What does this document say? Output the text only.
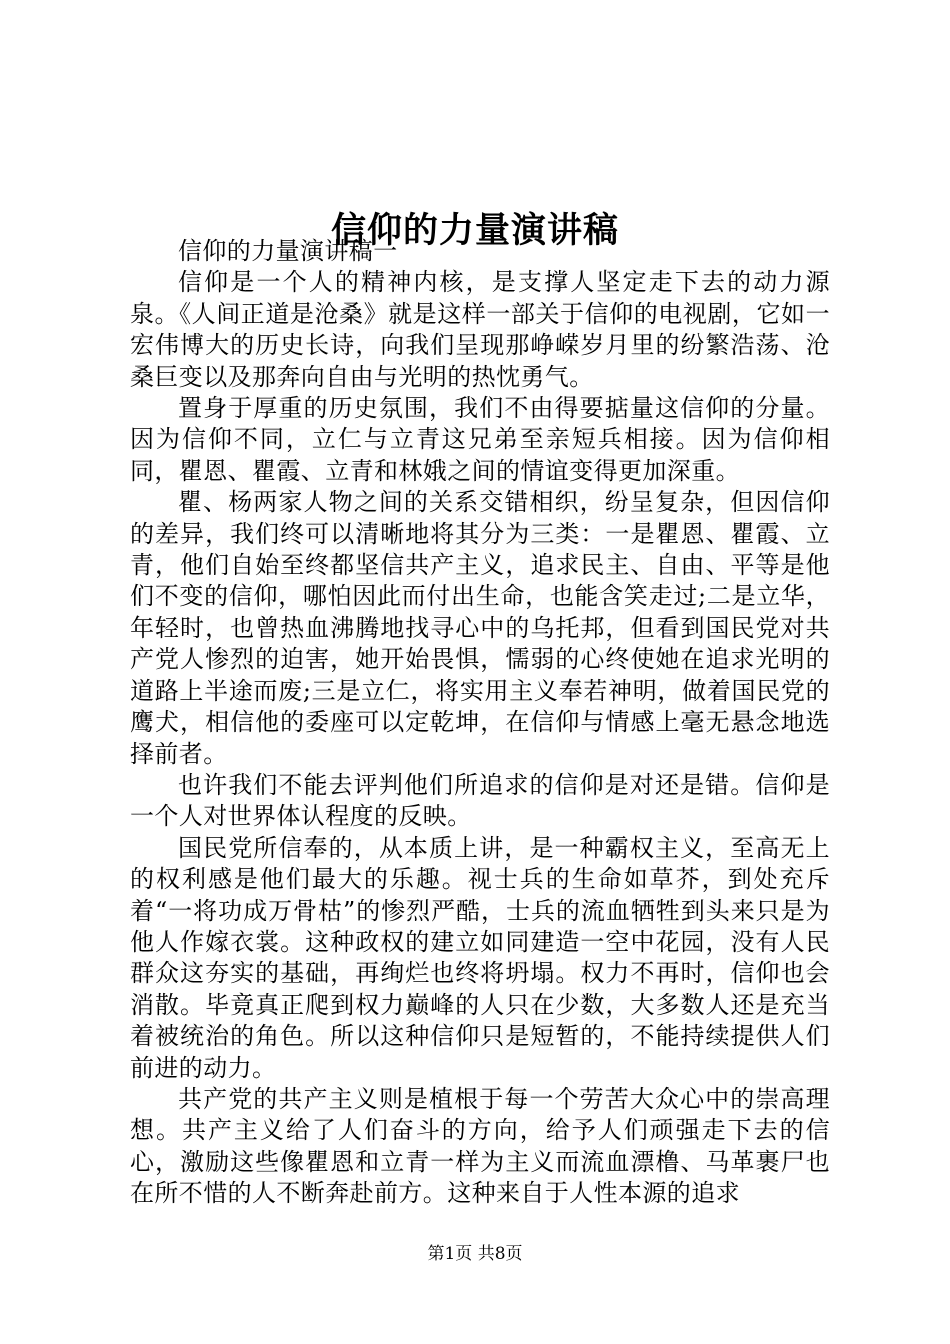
信仰的力量演讲稿

信仰的力量演讲稿一

信仰是一个人的精神内核，是支撑人坚定走下去的动力源泉。《人间正道是沧桑》就是这样一部关于信仰的电视剧，它如一宏伟博大的历史长诗，向我们呈现那峥嵘岁月里的纷繁浩荡、沧桑巨变以及那奔向自由与光明的热忱勇气。

置身于厚重的历史氛围，我们不由得要掂量这信仰的分量。因为信仰不同，立仁与立青这兄弟至亲短兵相接。因为信仰相同，瞿恩、瞿霞、立青和林娥之间的情谊变得更加深重。

瞿、杨两家人物之间的关系交错相织，纷呈复杂，但因信仰的差异，我们终可以清晰地将其分为三类：一是瞿恩、瞿霞、立青，他们自始至终都坚信共产主义，追求民主、自由、平等是他们不变的信仰，哪怕因此而付出生命，也能含笑走过;二是立华，年轻时，也曾热血沸腾地找寻心中的乌托邦，但看到国民党对共产党人惨烈的迫害，她开始畏惧，懦弱的心终使她在追求光明的道路上半途而废;三是立仁，将实用主义奉若神明，做着国民党的鹰犬，相信他的委座可以定乾坤，在信仰与情感上毫无悬念地选择前者。

也许我们不能去评判他们所追求的信仰是对还是错。信仰是一个人对世界体认程度的反映。

国民党所信奉的，从本质上讲，是一种霸权主义，至高无上的权利感是他们最大的乐趣。视士兵的生命如草芥，到处充斥着“一将功成万骨枯”的惨烈严酷，士兵的流血牺牲到头来只是为他人作嫁衣裳。这种政权的建立如同建造一空中花园，没有人民群众这夯实的基础，再绚烂也终将坍塌。权力不再时，信仰也会消散。毕竟真正爬到权力巅峰的人只在少数，大多数人还是充当着被统治的角色。所以这种信仰只是短暂的，不能持续提供人们前进的动力。

共产党的共产主义则是植根于每一个劳苦大众心中的崇高理想。共产主义给了人们奋斗的方向，给予人们顽强走下去的信心，激励这些像瞿恩和立青一样为主义而流血漂橹、马革裹尸也在所不惜的人不断奔赴前方。这种来自于人性本源的追求

第1页 共8页
